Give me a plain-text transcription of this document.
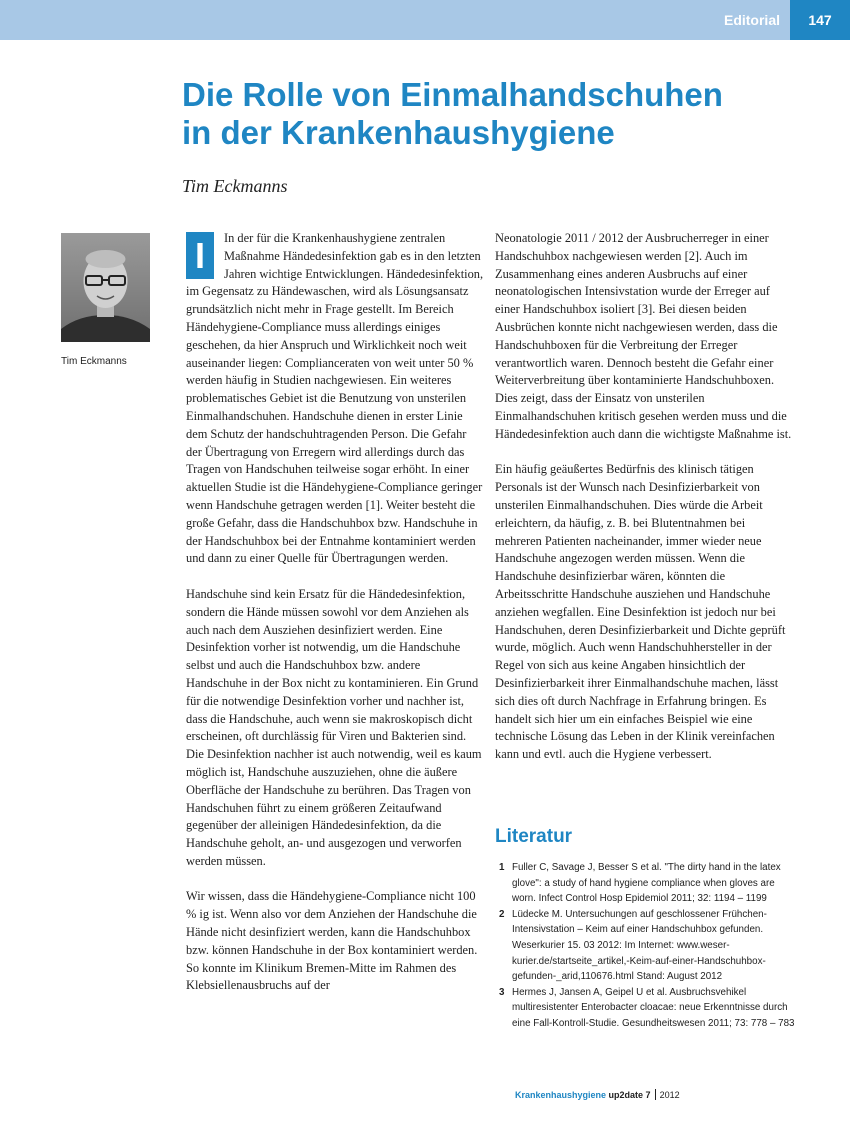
Editorial	147
Die Rolle von Einmalhandschuhen
in der Krankenhaushygiene
Tim Eckmanns
Tim Eckmanns

I	In der für die Krankenhaushygiene zentralen Maßnahme Händedesinfektion gab es in den letzten Jahren wichtige Entwicklungen. Händedesinfektion, im Gegensatz zu Händewaschen, wird als Lösungsansatz grundsätzlich nicht mehr in Frage gestellt. Im Bereich Händehygiene-Compliance muss allerdings einiges geschehen, da hier Anspruch und Wirklichkeit noch weit auseinander liegen: Complianceraten von weit unter 50 % werden häufig in Studien nachgewiesen. Ein weiteres problematisches Gebiet ist die Benutzung von unsterilen Einmalhandschuhen. Handschuhe dienen in erster Linie dem Schutz der handschuhtragenden Person. Die Gefahr der Übertragung von Erregern wird allerdings durch das Tragen von Handschuhen teilweise sogar erhöht. In einer aktuellen Studie ist die Händehygiene-Compliance geringer wenn Handschuhe getragen werden [1]. Weiter besteht die große Gefahr, dass die Handschuhbox bzw. Handschuhe in der Handschuhbox bei der Entnahme kontaminiert werden und dann zu einer Quelle für Übertragungen werden.

Handschuhe sind kein Ersatz für die Händedesinfektion, sondern die Hände müssen sowohl vor dem Anziehen als auch nach dem Ausziehen desinfiziert werden. Eine Desinfektion vorher ist notwendig, um die Handschuhe selbst und auch die Handschuhbox bzw. andere Handschuhe in der Box nicht zu kontaminieren. Ein Grund für die notwendige Desinfektion vorher und nachher ist, dass die Handschuhe, auch wenn sie makroskopisch dicht erscheinen, oft durchlässig für Viren und Bakterien sind. Die Desinfektion nachher ist auch notwendig, weil es kaum möglich ist, Handschuhe auszuziehen, ohne die äußere Oberfläche der Handschuhe zu berühren. Das Tragen von Handschuhen führt zu einem größeren Zeitaufwand gegenüber der alleinigen Händedesinfektion, da die Handschuhe geholt, an- und ausgezogen und verworfen werden müssen.

Wir wissen, dass die Händehygiene-Compliance nicht 100 % ig ist. Wenn also vor dem Anziehen der Handschuhe die Hände nicht desinfiziert werden, kann die Handschuhbox bzw. können Handschuhe in der Box kontaminiert werden. So konnte im Klinikum Bremen-Mitte im Rahmen des Klebsiellenausbruchs auf der

Neonatologie 2011 / 2012 der Ausbrucherreger in einer Handschuhbox nachgewiesen werden [2]. Auch im Zusammenhang eines anderen Ausbruchs auf einer neonatologischen Intensivstation wurde der Erreger auf einer Handschuhbox isoliert [3]. Bei diesen beiden Ausbrüchen konnte nicht nachgewiesen werden, dass die Handschuhboxen für die Verbreitung der Erreger verantwortlich waren. Dennoch besteht die Gefahr einer Weiterverbreitung über kontaminierte Handschuhboxen. Dies zeigt, dass der Einsatz von unsterilen Einmalhandschuhen kritisch gesehen werden muss und die Händedesinfektion auch dann die wichtigste Maßnahme ist.

Ein häufig geäußertes Bedürfnis des klinisch tätigen Personals ist der Wunsch nach Desinfizierbarkeit von unsterilen Einmalhandschuhen. Dies würde die Arbeit erleichtern, da häufig, z. B. bei Blutentnahmen bei mehreren Patienten nacheinander, immer wieder neue Handschuhe angezogen werden müssen. Wenn die Handschuhe desinfizierbar wären, könnten die Arbeitsschritte Handschuhe ausziehen und Handschuhe anziehen wegfallen. Eine Desinfektion ist jedoch nur bei Handschuhen, deren Desinfizierbarkeit und Dichte geprüft wurde, möglich. Auch wenn Handschuhhersteller in der Regel von sich aus keine Angaben hinsichtlich der Desinfizierbarkeit ihrer Einmalhandschuhe machen, lässt sich dies oft durch Nachfrage in Erfahrung bringen. Es handelt sich hier um ein einfaches Beispiel wie eine technische Lösung das Leben in der Klinik vereinfachen kann und evtl. auch die Hygiene verbessert.

Literatur
1 Fuller C, Savage J, Besser S et al. "The dirty hand in the latex glove": a study of hand hygiene compliance when gloves are worn. Infect Control Hosp Epidemiol 2011; 32: 1194 – 1199
2 Lüdecke M. Untersuchungen auf geschlossener Frühchen-Intensivstation – Keim auf einer Handschuhbox gefunden. Weserkurier 15. 03 2012: Im Internet: www.weser-kurier.de/startseite_artikel,-Keim-auf-einer-Handschuhbox-gefunden-_arid,110676.html Stand: August 2012
3 Hermes J, Jansen A, Geipel U et al. Ausbruchsvehikel multiresistenter Enterobacter cloacae: neue Erkenntnisse durch eine Fall-Kontroll-Studie. Gesundheitswesen 2011; 73: 778 – 783
Krankenhaushygiene up2date 7 2012
